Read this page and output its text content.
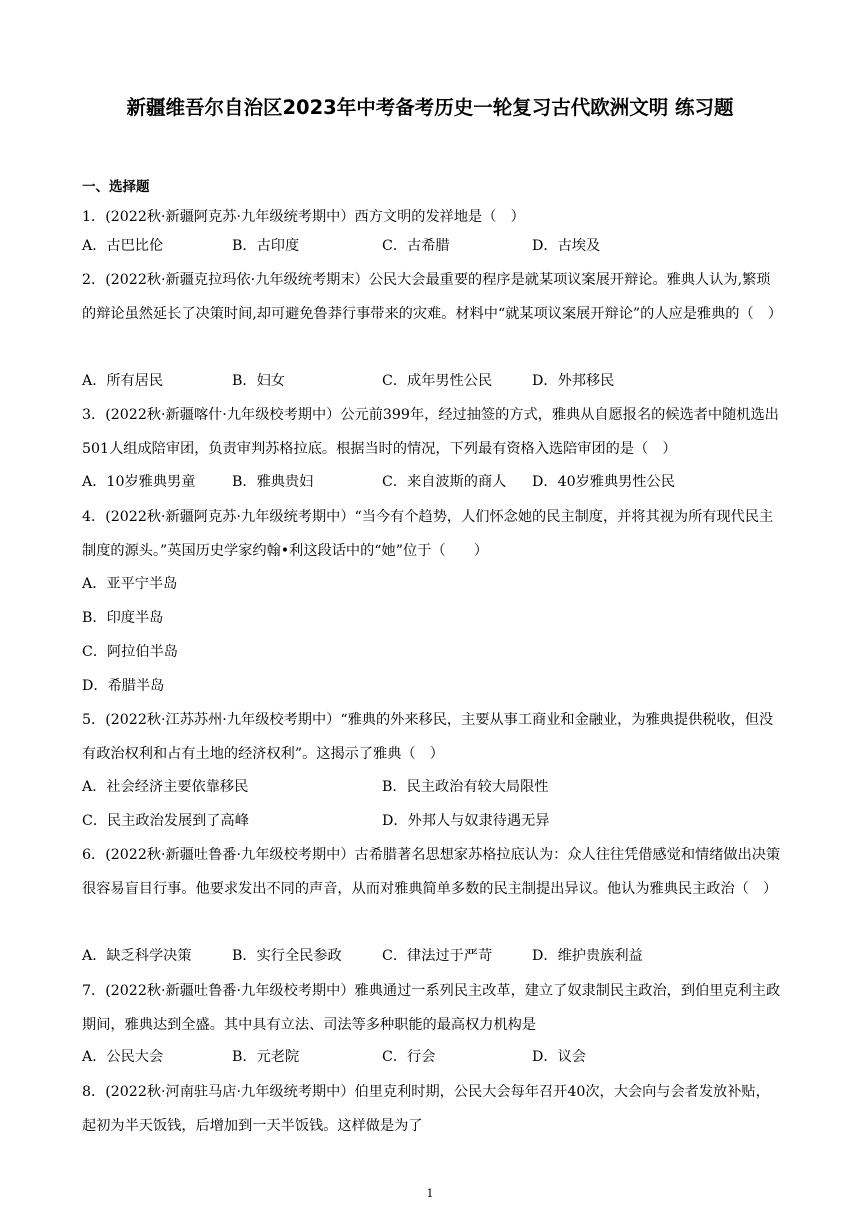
新疆维吾尔自治区2023年中考备考历史一轮复习古代欧洲文明 练习题
一、选择题
1．(2022秋·新疆阿克苏·九年级统考期中）西方文明的发祥地是（　）
A．古巴比伦	B．古印度	C．古希腊	D．古埃及
2．(2022秋·新疆克拉玛依·九年级统考期末）公民大会最重要的程序是就某项议案展开辩论。雅典人认为,繁琐的辩论虽然延长了决策时间,却可避免鲁莽行事带来的灾难。材料中“就某项议案展开辩论”的人应是雅典的（　）
A．所有居民	B．妇女	C．成年男性公民	D．外邦移民
3．(2022秋·新疆喀什·九年级校考期中）公元前399年，经过抽签的方式，雅典从自愿报名的候选者中随机选出501人组成陪审团，负责审判苏格拉底。根据当时的情况，下列最有资格入选陪审团的是（　）
A．10岁雅典男童	B．雅典贵妇	C．来自波斯的商人 D．40岁雅典男性公民
4．(2022秋·新疆阿克苏·九年级统考期中）“当今有个趋势，人们怀念她的民主制度，并将其视为所有现代民主制度的源头。”英国历史学家约翰•利这段话中的“她”位于（　　）
A．亚平宁半岛
B．印度半岛
C．阿拉伯半岛
D．希腊半岛
5．(2022秋·江苏苏州·九年级校考期中）“雅典的外来移民，主要从事工商业和金融业，为雅典提供税收，但没有政治权利和占有土地的经济权利”。这揭示了雅典（　）
A．社会经济主要依靠移民	B．民主政治有较大局限性
C．民主政治发展到了高峰	D．外邦人与奴隶待遇无异
6．(2022秋·新疆吐鲁番·九年级校考期中）古希腊著名思想家苏格拉底认为：众人往往凭借感觉和情绪做出决策很容易盲目行事。他要求发出不同的声音，从而对雅典简单多数的民主制提出异议。他认为雅典民主政治（　）
A．缺乏科学决策	B．实行全民参政	C．律法过于严苛	D．维护贵族利益
7．(2022秋·新疆吐鲁番·九年级校考期中）雅典通过一系列民主改革，建立了奴隶制民主政治，到伯里克利主政期间，雅典达到全盛。其中具有立法、司法等多种职能的最高权力机构是
A．公民大会	B．元老院	C．行会	D．议会
8．(2022秋·河南驻马店·九年级统考期中）伯里克利时期，公民大会每年召开40次，大会向与会者发放补贴，起初为半天饭钱，后增加到一天半饭钱。这样做是为了
1
